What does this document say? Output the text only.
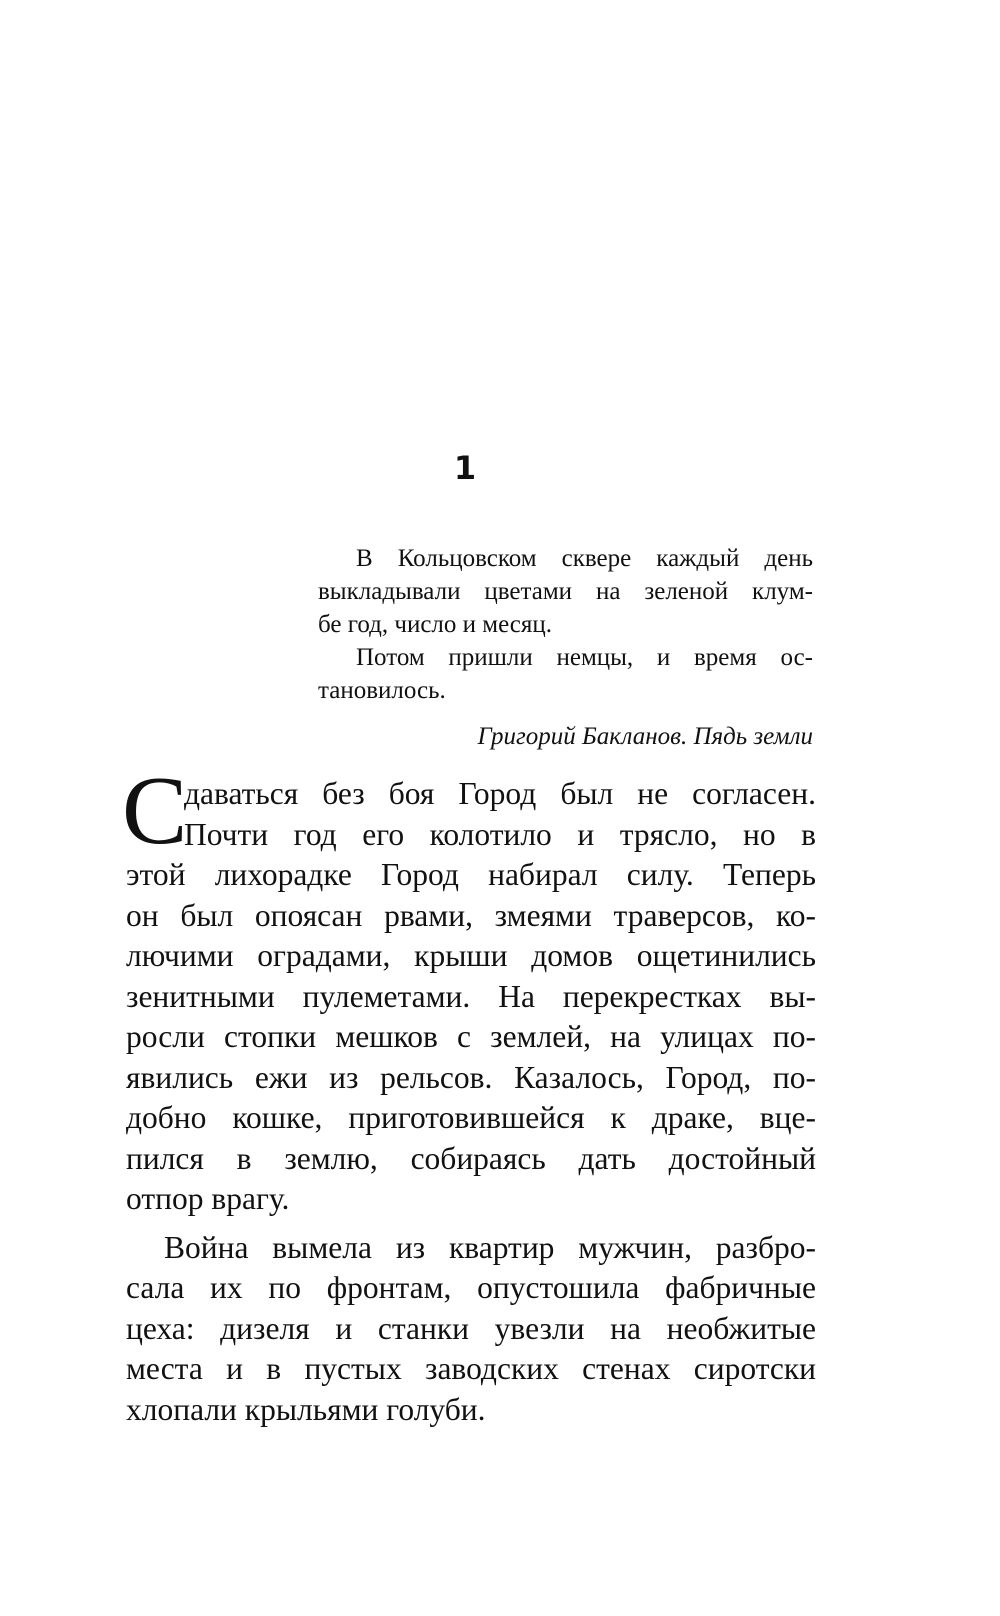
1
В Кольцовском сквере каждый день
выкладывали цветами на зеленой клум-
бе год, число и месяц.
Потом пришли немцы, и время ос-
тановилось.
Григорий Бакланов. Пядь земли
С
даваться без боя Город был не согласен.
Почти год его колотило и трясло, но в
этой лихорадке Город набирал силу. Теперь
он был опоясан рвами, змеями траверсов, ко-
лючими оградами, крыши домов ощетинились
зенитными пулеметами. На перекрестках вы-
росли стопки мешков с землей, на улицах по-
явились ежи из рельсов. Казалось, Город, по-
добно кошке, приготовившейся к драке, вце-
пился в землю, собираясь дать достойный
отпор врагу.
Война вымела из квартир мужчин, разбро-
сала их по фронтам, опустошила фабричные
цеха: дизеля и станки увезли на необжитые
места и в пустых заводских стенах сиротски
хлопали крыльями голуби.
